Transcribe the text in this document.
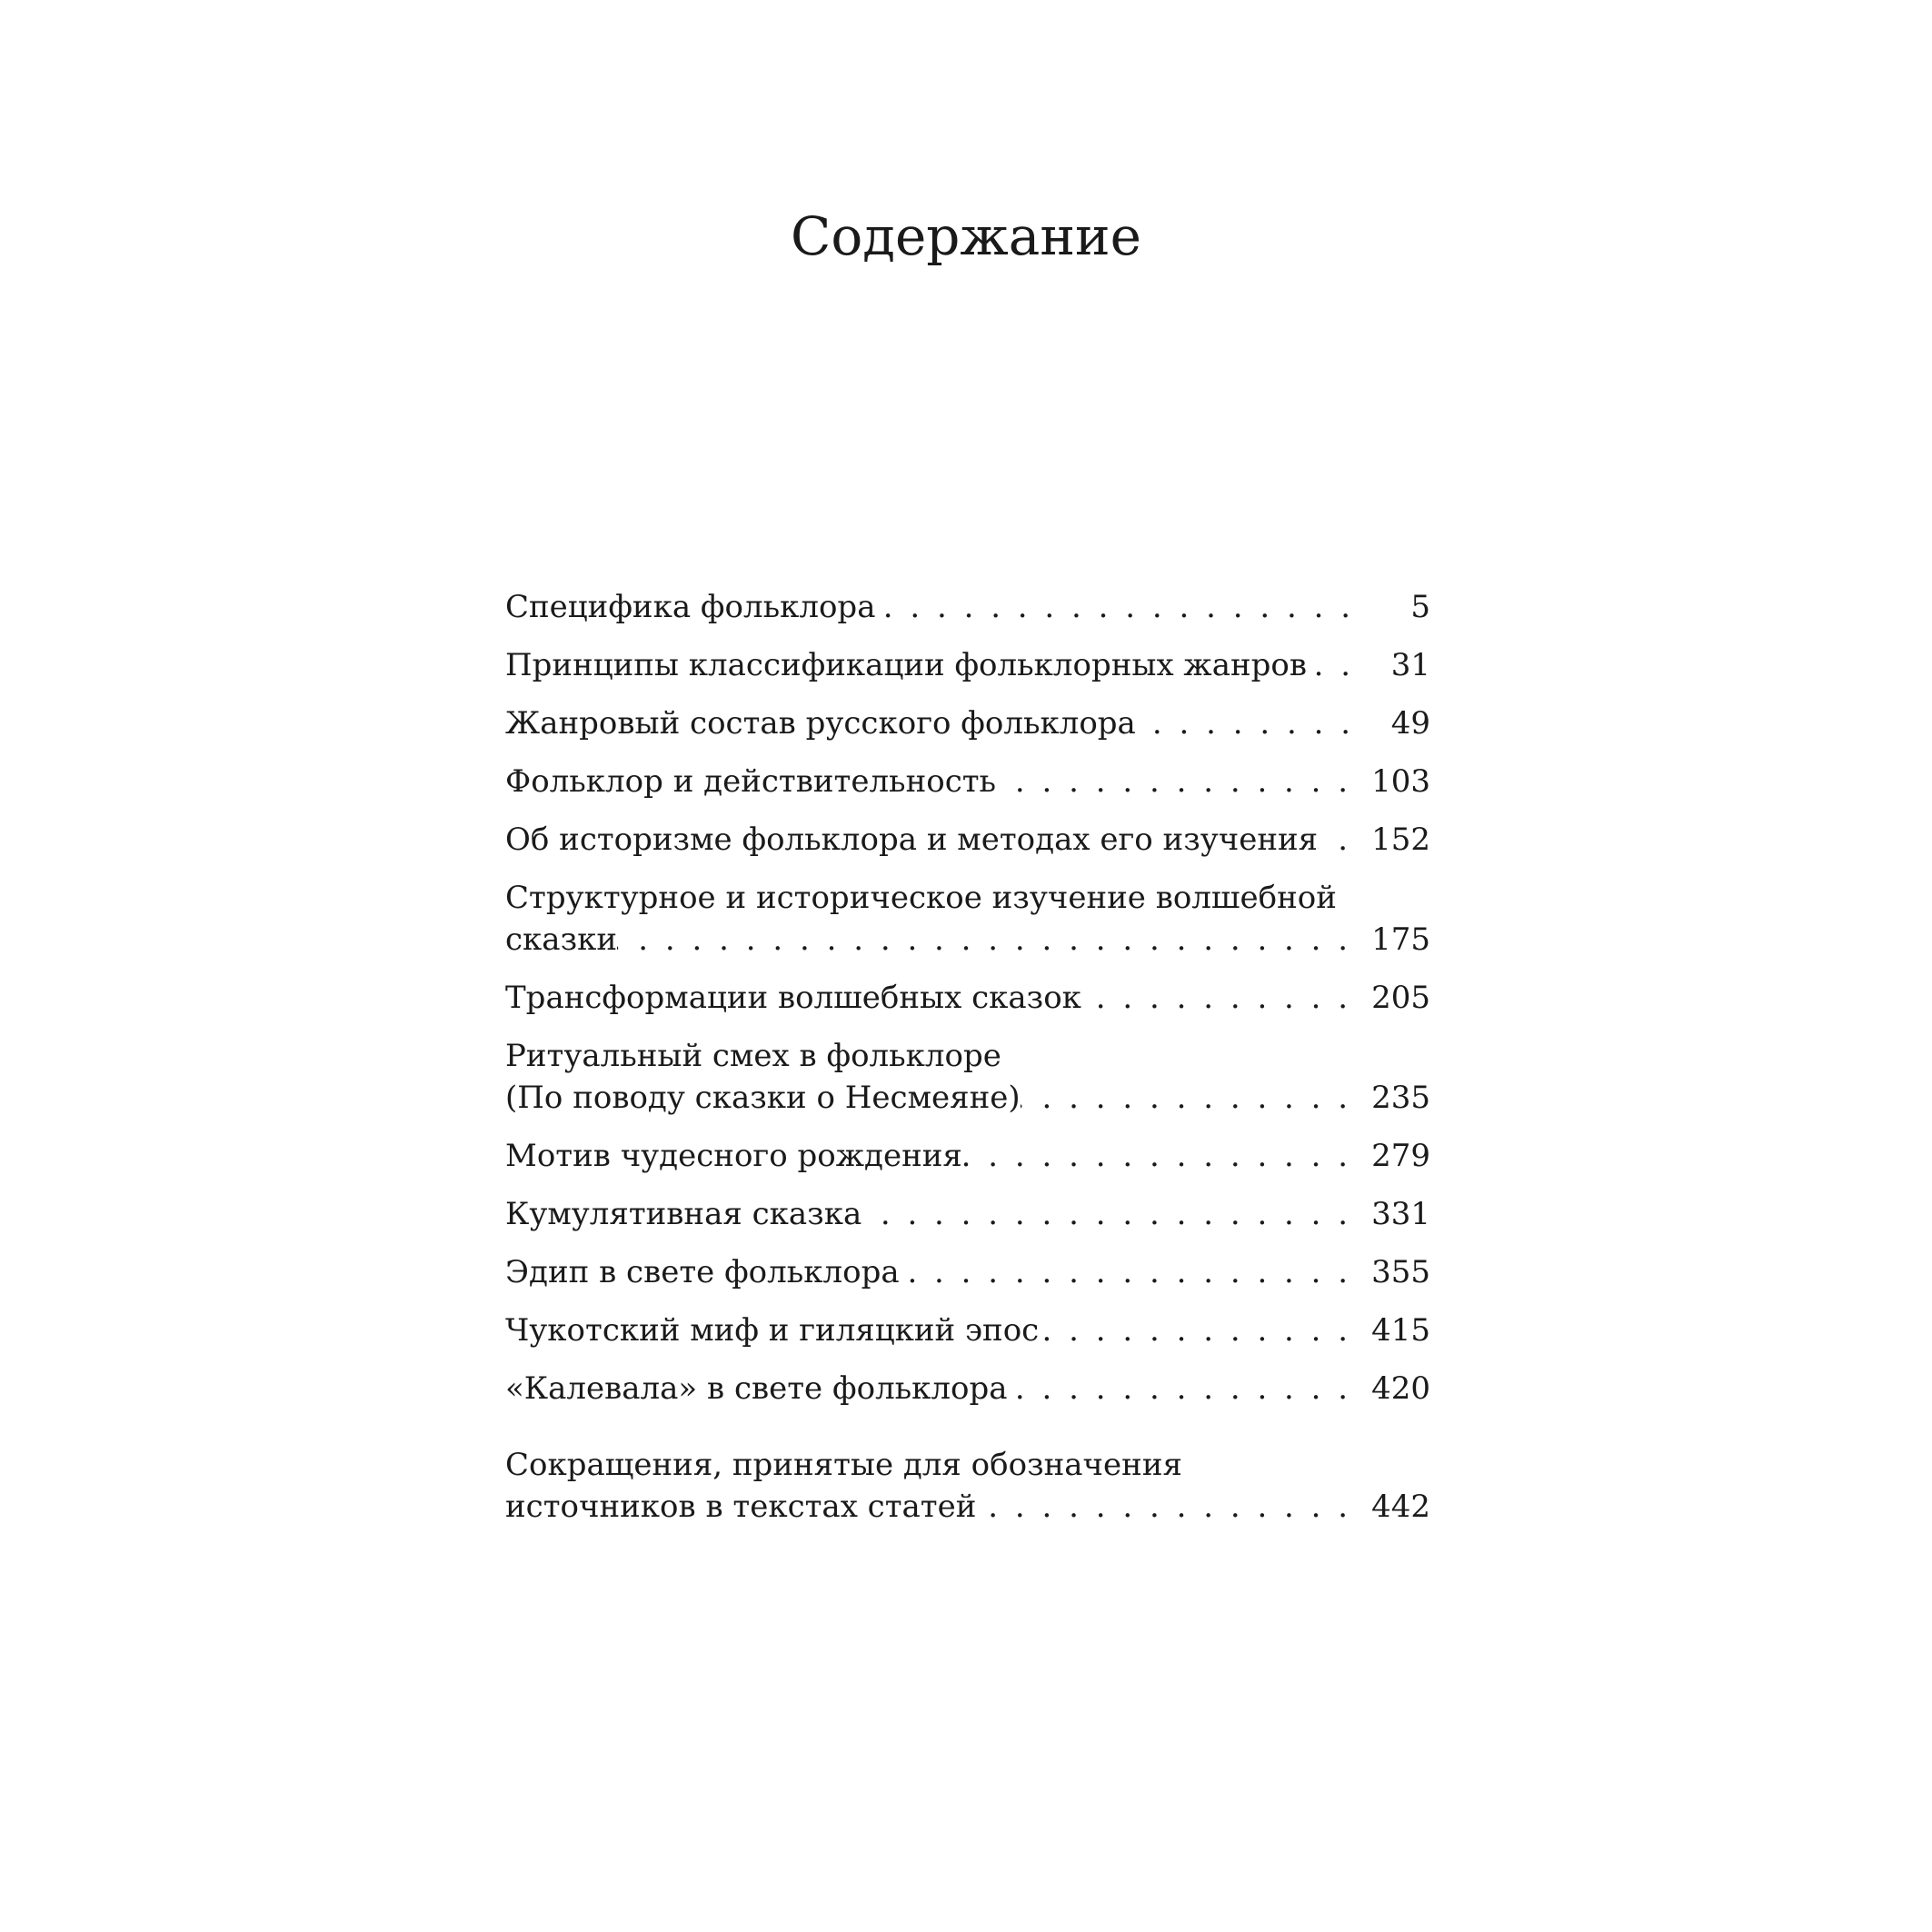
Содержание
Специфика фольклора . . .	5
Принципы классификации фольклорных жанров . . .	31
Жанровый состав русского фольклора . . .	49
Фольклор и действительность . . .	103
Об историзме фольклора и методах его изучения . . . 152
Структурное и историческое изучение волшебной
сказки . . .	175
Трансформации волшебных сказок . . .	205
Ритуальный смех в фольклоре
(По поводу сказки о Несмеяне) . . .	235
Мотив чудесного рождения . . .	279
Кумулятивная сказка . . .	331
Эдип в свете фольклора . . .	355
Чукотский миф и гиляцкий эпос . . .	415
«Калевала» в свете фольклора . . .	420
Сокращения, принятые для обозначения
источников в текстах статей . . .	442
